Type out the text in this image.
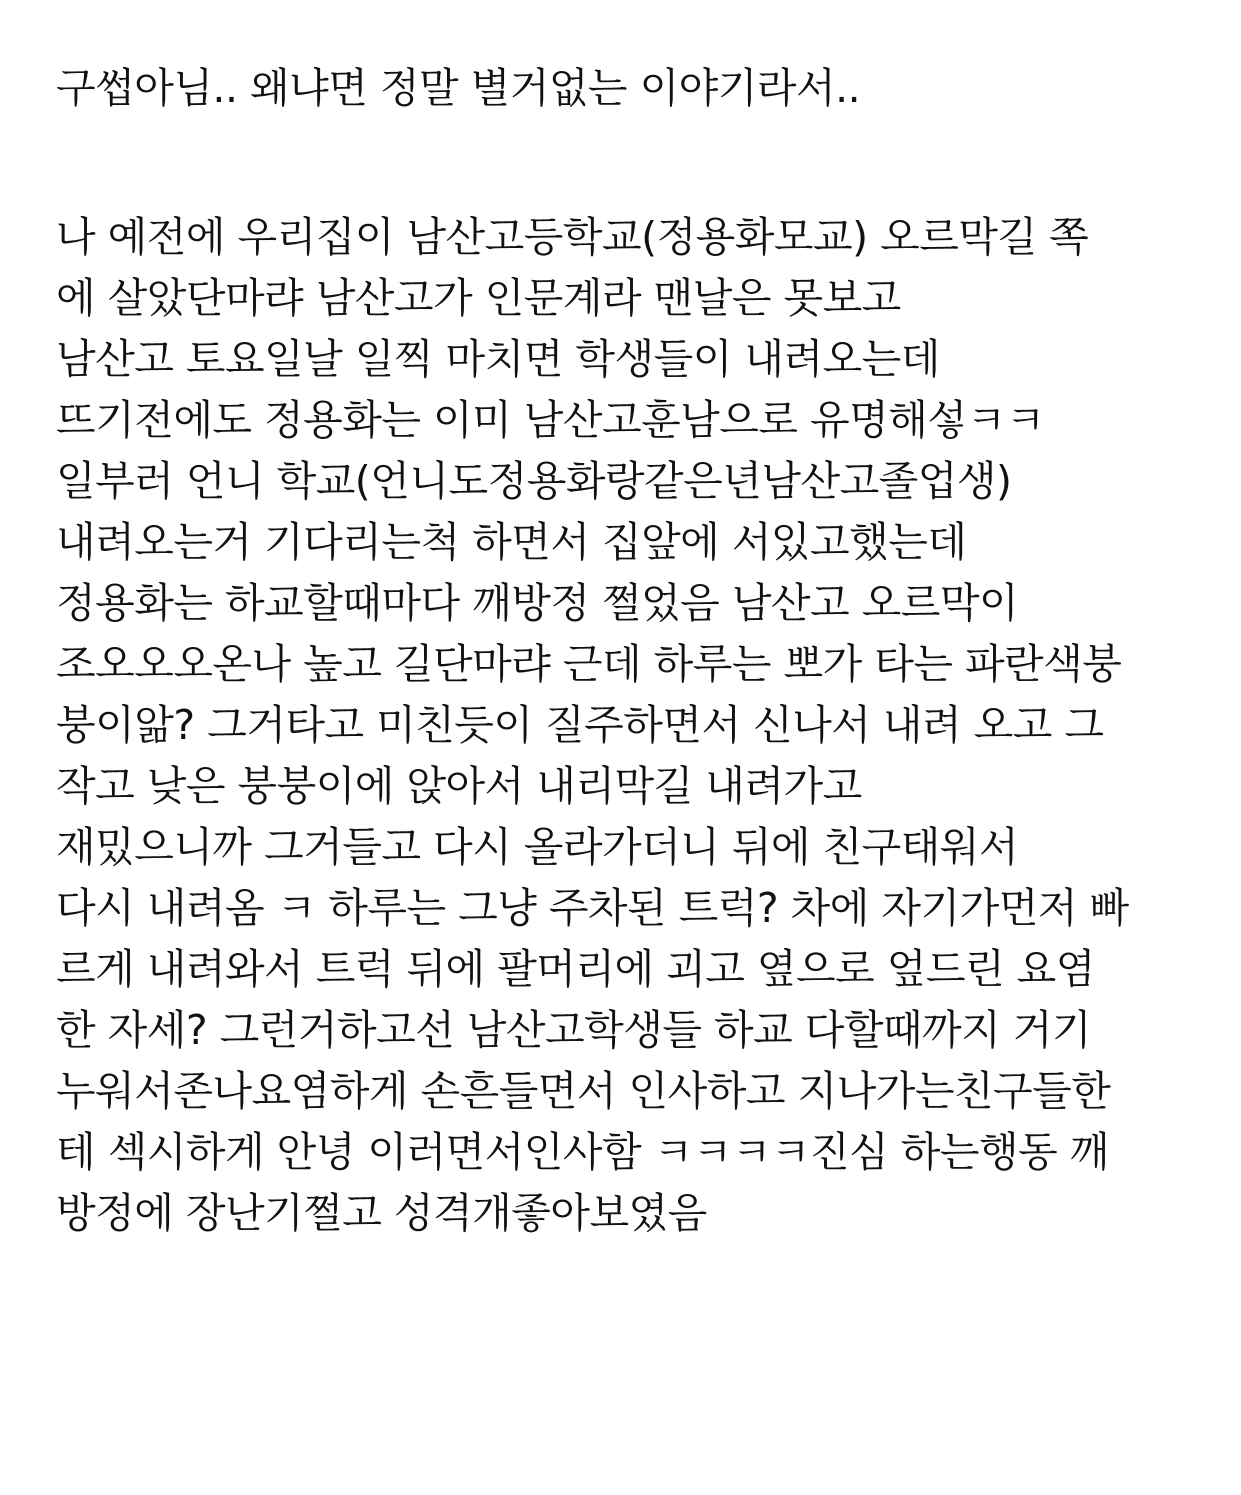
구썹아님.. 왜냐면 정말 별거없는 이야기라서..
나 예전에 우리집이 남산고등학교(정용화모교) 오르막길 쪽
에 살았단마랴 남산고가 인문계라 맨날은 못보고
남산고 토요일날 일찍 마치면 학생들이 내려오는데
뜨기전에도 정용화는 이미 남산고훈남으로 유명해섷ㅋㅋ
일부러 언니 학교(언니도정용화랑같은년남산고졸업생)
내려오는거 기다리는척 하면서 집앞에 서있고했는데
정용화는 하교할때마다 깨방정 쩔었음 남산고 오르막이
조오오오온나 높고 길단마랴 근데 하루는 뽀가 타는 파란색붕
붕이앎? 그거타고 미친듯이 질주하면서 신나서 내려 오고 그
작고 낮은 붕붕이에 앉아서 내리막길 내려가고
재밌으니까 그거들고 다시 올라가더니 뒤에 친구태워서
다시 내려옴 ㅋ 하루는 그냥 주차된 트럭? 차에 자기가먼저 빠
르게 내려와서 트럭 뒤에 팔머리에 괴고 옆으로 엎드린 요염
한 자세? 그런거하고선 남산고학생들 하교 다할때까지 거기
누워서존나요염하게 손흔들면서 인사하고 지나가는친구들한
테 섹시하게 안녕 이러면서인사함 ㅋㅋㅋㅋ진심 하는행동 깨
방정에 장난기쩔고 성격개좋아보였음
